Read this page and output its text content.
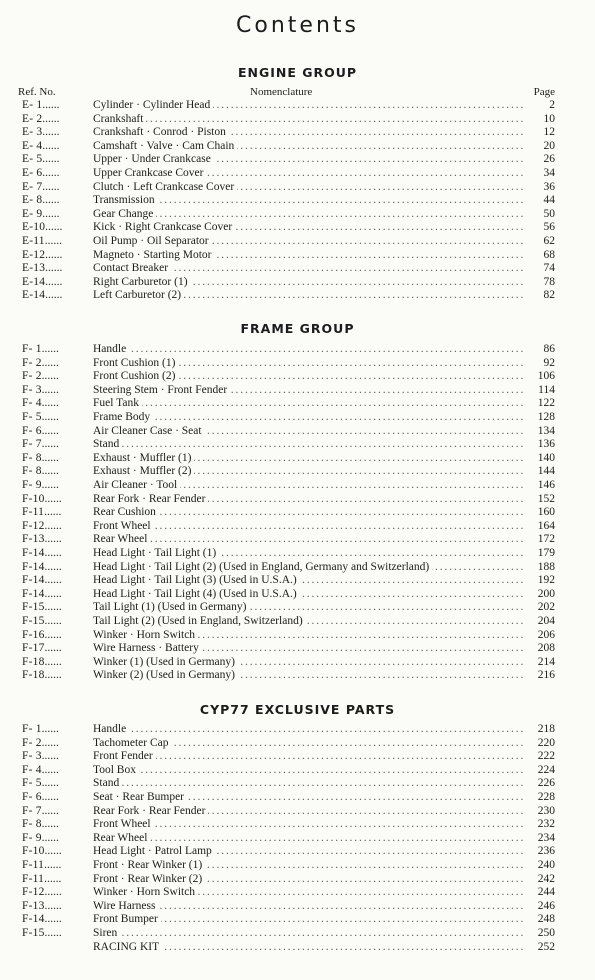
Contents
Ref. No.	Nomenclature	Page
ENGINE GROUP
FRAME GROUP
CYP77 EXCLUSIVE PARTS
E- 1 ......	Cylinder · Cylinder Head . . .	2
E- 2 ......	Crankshaft . . .	10
E- 3 ......	Crankshaft · Conrod · Piston . . .	12
E- 4 ......	Camshaft · Valve · Cam Chain . . .	20
E- 5 ......	Upper · Under Crankcase . . .	26
E- 6 ......	Upper Crankcase Cover . . .	34
E- 7 ......	Clutch · Left Crankcase Cover . . .	36
E- 8 ......	Transmission . . .	44
E- 9 ......	Gear Change . . .	50
E-10 ......	Kick · Right Crankcase Cover . . .	56
E-11 ......	Oil Pump · Oil Separator . . .	62
E-12 ......	Magneto · Starting Motor . . .	68
E-13 ......	Contact Breaker . . .	74
E-14 ......	Right Carburetor (1) . . .	78
E-14 ......	Left Carburetor (2) . . .	82
F- 1 ......	Handle . . .	86
F- 2 ......	Front Cushion (1) . . .	92
F- 2 ......	Front Cushion (2) . . .	106
F- 3 ......	Steering Stem · Front Fender . . .	114
F- 4 ......	Fuel Tank . . .	122
F- 5 ......	Frame Body . . .	128
F- 6 ......	Air Cleaner Case · Seat . . .	134
F- 7 ......	Stand . . .	136
F- 8 ......	Exhaust · Muffler (1) . . .	140
F- 8 ......	Exhaust · Muffler (2) . . .	144
F- 9 ......	Air Cleaner · Tool . . .	146
F-10 ......	Rear Fork · Rear Fender . . .	152
F-11 ......	Rear Cushion . . .	160
F-12 ......	Front Wheel . . .	164
F-13 ......	Rear Wheel . . .	172
F-14 ......	Head Light · Tail Light (1) . . .	179
F-14 ......	Head Light · Tail Light (2) (Used in England, Germany and Switzerland) . . .	188
F-14 ......	Head Light · Tail Light (3) (Used in U.S.A.) . . .	192
F-14 ......	Head Light · Tail Light (4) (Used in U.S.A.) . . .	200
F-15 ......	Tail Light (1) (Used in Germany) . . .	202
F-15 ......	Tail Light (2) (Used in England, Switzerland) . . .	204
F-16 ......	Winker · Horn Switch . . .	206
F-17 ......	Wire Harness · Battery . . .	208
F-18 ......	Winker (1) (Used in Germany) . . .	214
F-18 ......	Winker (2) (Used in Germany) . . .	216
F- 1 ......	Handle . . .	218
F- 2 ......	Tachometer Cap . . .	220
F- 3 ......	Front Fender . . .	222
F- 4 ......	Tool Box . . .	224
F- 5 ......	Stand . . .	226
F- 6 ......	Seat · Rear Bumper . . .	228
F- 7 ......	Rear Fork · Rear Fender . . .	230
F- 8 ......	Front Wheel . . .	232
F- 9 ......	Rear Wheel . . .	234
F-10 ......	Head Light · Patrol Lamp . . .	236
F-11 ......	Front · Rear Winker (1) . . .	240
F-11 ......	Front · Rear Winker (2) . . .	242
F-12 ......	Winker · Horn Switch . . .	244
F-13 ......	Wire Harness . . .	246
F-14 ......	Front Bumper . . .	248
F-15 ......	Siren . . .	250
RACING KIT . . .	252
